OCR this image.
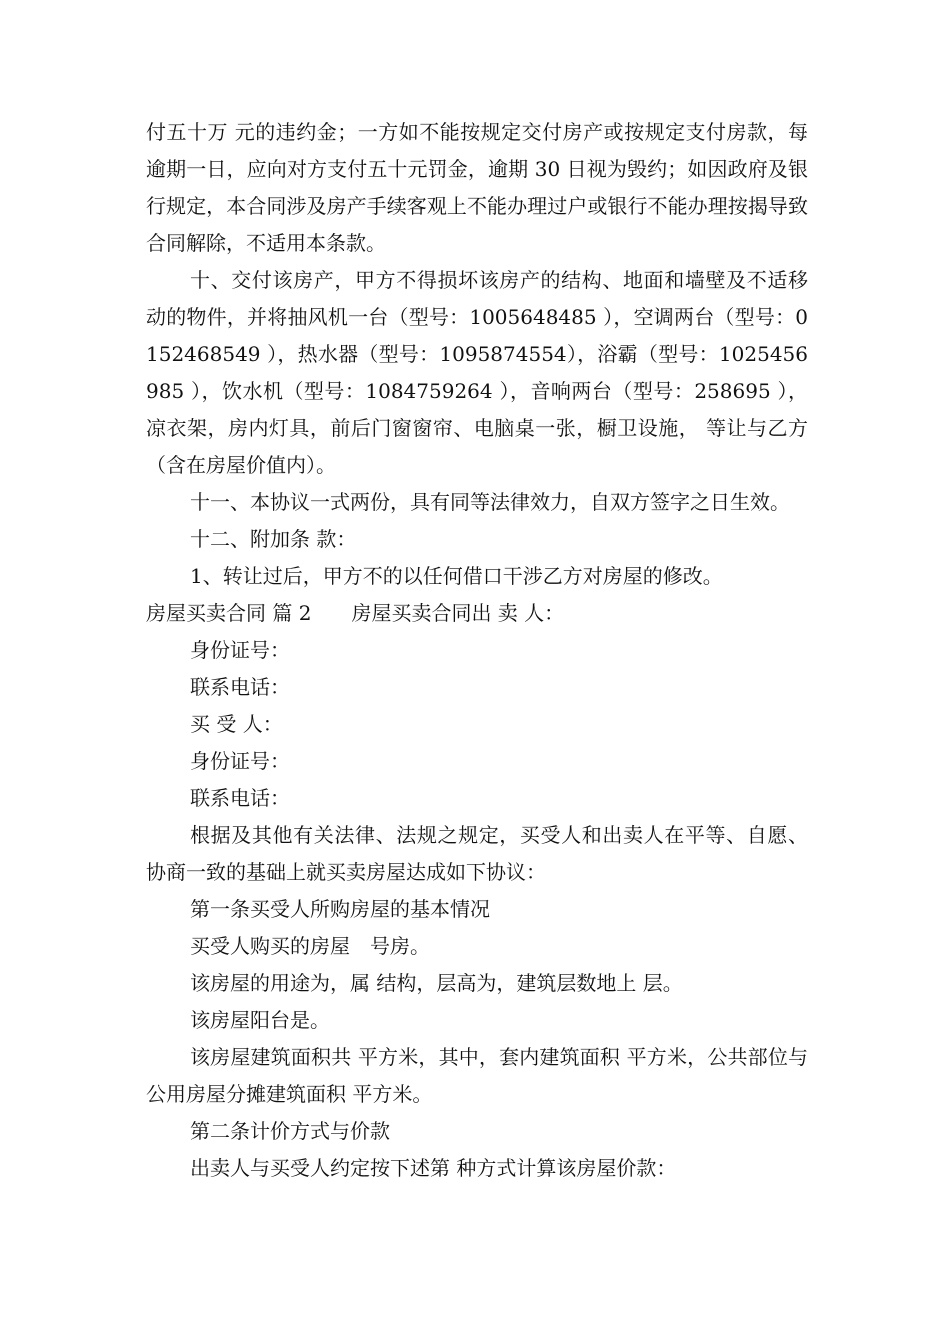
付五十万 元的违约金；一方如不能按规定交付房产或按规定支付房款，每逾期一日，应向对方支付五十元罚金，逾期 30 日视为毁约；如因政府及银行规定，本合同涉及房产手续客观上不能办理过户或银行不能办理按揭导致合同解除，不适用本条款。

十、交付该房产，甲方不得损坏该房产的结构、地面和墙壁及不适移动的物件，并将抽风机一台（型号：1005648485 ），空调两台（型号：0152468549 ），热水器（型号：1095874554），浴霸（型号：1025456985 ），饮水机（型号：1084759264 ），音响两台（型号：258695 ），凉衣架，房内灯具，前后门窗窗帘、电脑桌一张，橱卫设施， 等让与乙方（含在房屋价值内）。

十一、本协议一式两份，具有同等法律效力，自双方签字之日生效。

十二、附加条 款：

1、转让过后，甲方不的以任何借口干涉乙方对房屋的修改。

房屋买卖合同 篇 2　　房屋买卖合同出 卖 人：

身份证号：

联系电话：

买 受 人：

身份证号：

联系电话：

根据及其他有关法律、法规之规定，买受人和出卖人在平等、自愿、协商一致的基础上就买卖房屋达成如下协议：

第一条买受人所购房屋的基本情况

买受人购买的房屋　号房。

该房屋的用途为，属 结构，层高为，建筑层数地上 层。

该房屋阳台是。

该房屋建筑面积共 平方米，其中，套内建筑面积 平方米，公共部位与公用房屋分摊建筑面积 平方米。

第二条计价方式与价款

出卖人与买受人约定按下述第 种方式计算该房屋价款：
